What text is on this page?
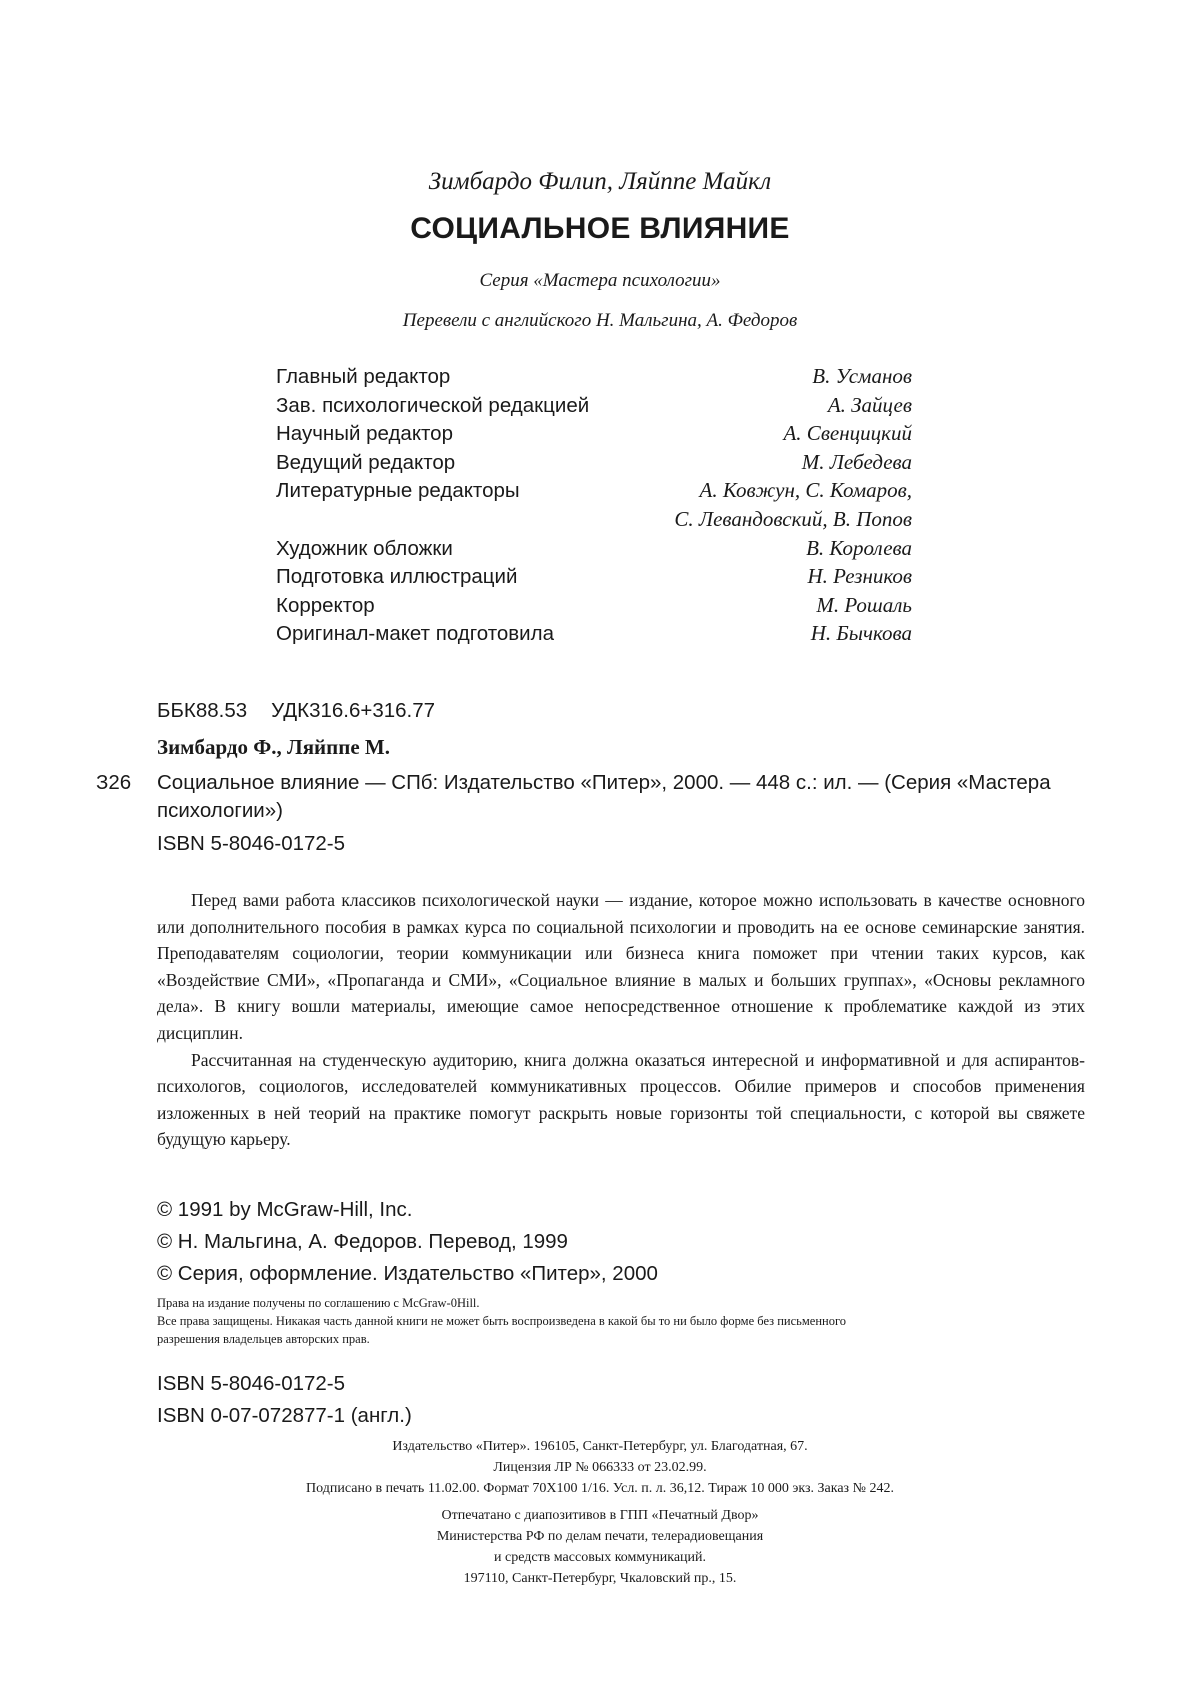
Зимбардо Филип, Ляйппе Майкл
СОЦИАЛЬНОЕ ВЛИЯНИЕ
Серия «Мастера психологии»
Перевели с английского Н. Мальгина, А. Федоров
Главный редактор	В. Усманов
Зав. психологической редакцией	А. Зайцев
Научный редактор	А. Свенцицкий
Ведущий редактор	М. Лебедева
Литературные редакторы	А. Ковжун, С. Комаров,
С. Левандовский, В. Попов
Художник обложки	В. Королева
Подготовка иллюстраций	Н. Резников
Корректор	М. Рошаль
Оригинал-макет подготовила	Н. Бычкова
ББК88.53 УДК316.6+316.77
Зимбардо Ф., Ляйппе М.
З26 Социальное влияние — СПб: Издательство «Питер», 2000. — 448 с.: ил. — (Серия «Мастера психологии»)
ISBN 5-8046-0172-5

Перед вами работа классиков психологической науки — издание, которое можно использовать в качестве основного или дополнительного пособия в рамках курса по социальной психологии и проводить на ее основе семинарские занятия. Преподавателям социологии, теории коммуникации или бизнеса книга поможет при чтении таких курсов, как «Воздействие СМИ», «Пропаганда и СМИ», «Социальное влияние в малых и больших группах», «Основы рекламного дела». В книгу вошли материалы, имеющие самое непосредственное отношение к проблематике каждой из этих дисциплин.

Рассчитанная на студенческую аудиторию, книга должна оказаться интересной и информативной и для аспирантов-психологов, социологов, исследователей коммуникативных процессов. Обилие примеров и способов применения изложенных в ней теорий на практике помогут раскрыть новые горизонты той специальности, с которой вы свяжете будущую карьеру.

© 1991 by McGraw-Hill, Inc.
© Н. Мальгина, А. Федоров. Перевод, 1999
© Серия, оформление. Издательство «Питер», 2000
Права на издание получены по соглашению с McGraw-0Hill.
Все права защищены. Никакая часть данной книги не может быть воспроизведена в какой бы то ни было форме без письменного
разрешения владельцев авторских прав.
ISBN 5-8046-0172-5
ISBN 0-07-072877-1 (англ.)
Издательство «Питер». 196105, Санкт-Петербург, ул. Благодатная, 67.
Лицензия ЛР № 066333 от 23.02.99.
Подписано в печать 11.02.00. Формат 70Х100 1/16. Усл. п. л. 36,12. Тираж 10 000 экз. Заказ № 242.
Отпечатано с диапозитивов в ГПП «Печатный Двор»
Министерства РФ по делам печати, телерадиовещания
и средств массовых коммуникаций.
197110, Санкт-Петербург, Чкаловский пр., 15.
